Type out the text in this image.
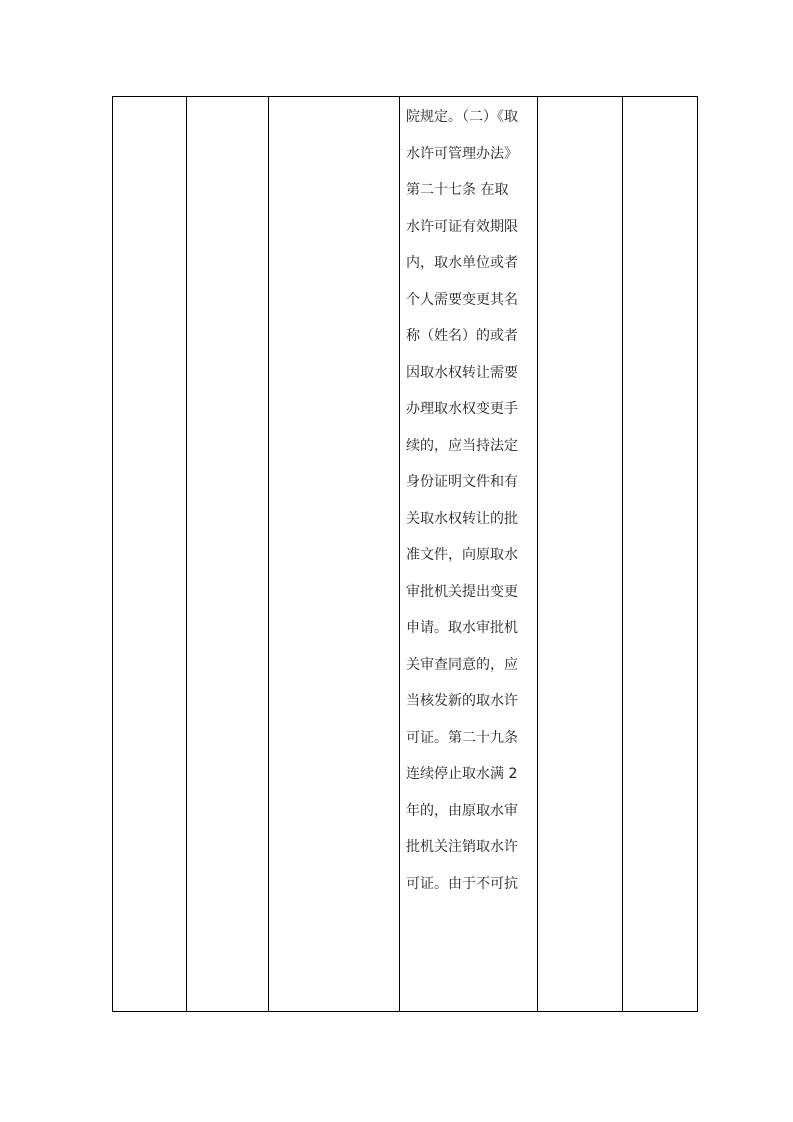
院规定。（二）《取
水许可管理办法》
第二十七条 在取
水许可证有效期限
内，取水单位或者
个人需要变更其名
称（姓名）的或者
因取水权转让需要
办理取水权变更手
续的，应当持法定
身份证明文件和有
关取水权转让的批
准文件，向原取水
审批机关提出变更
申请。取水审批机
关审查同意的，应
当核发新的取水许
可证。第二十九条
连续停止取水满 2
年的，由原取水审
批机关注销取水许
可证。由于不可抗
